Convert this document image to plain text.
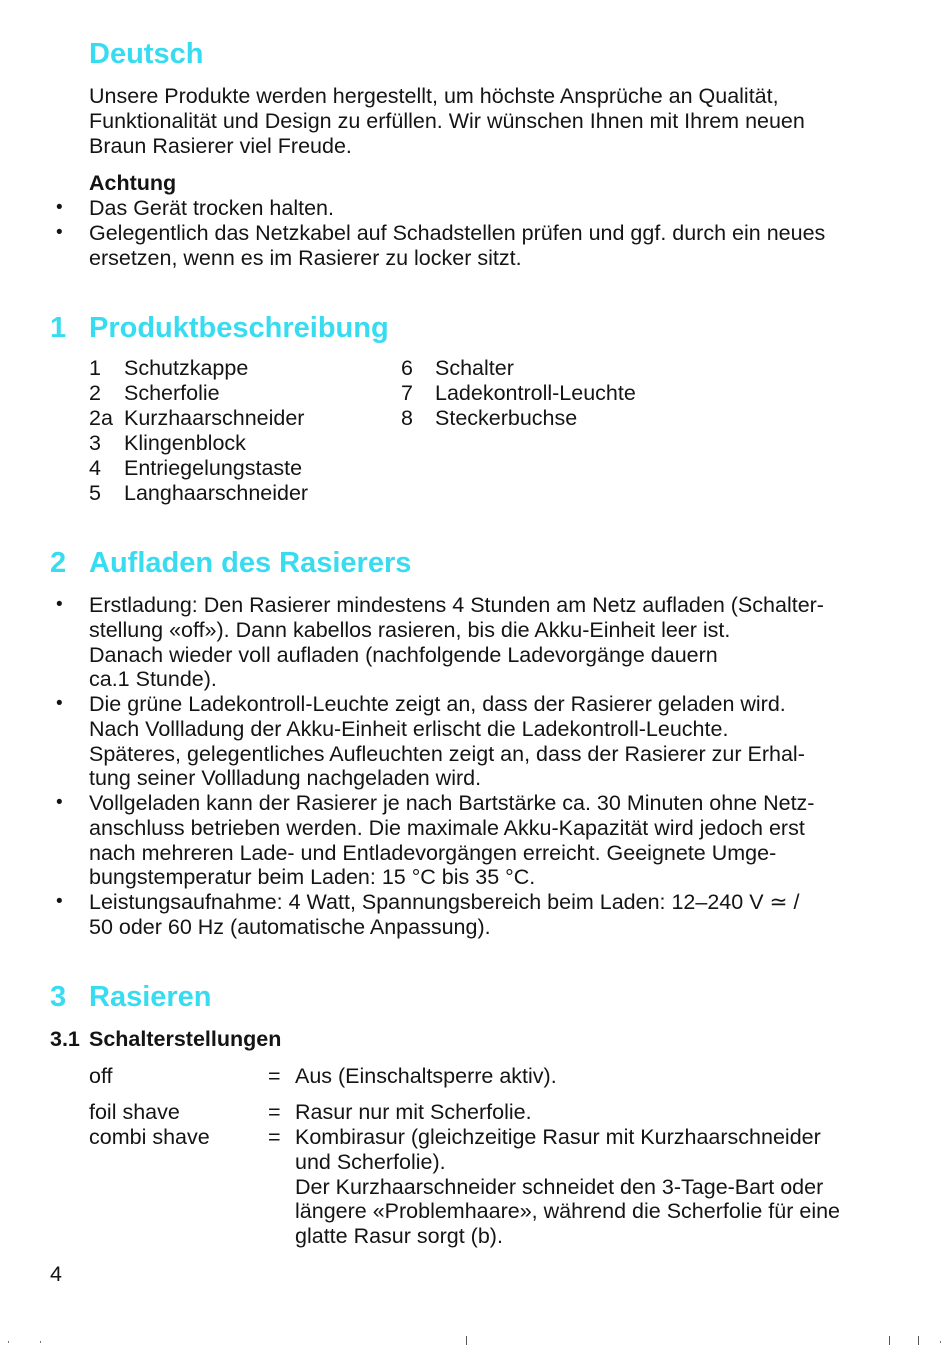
Deutsch
Unsere Produkte werden hergestellt, um höchste Ansprüche an Qualität,
Funktionalität und Design zu erfüllen. Wir wünschen Ihnen mit Ihrem neuen
Braun Rasierer viel Freude.
Achtung
• Das Gerät trocken halten.
• Gelegentlich das Netzkabel auf Schadstellen prüfen und ggf. durch ein neues
ersetzen, wenn es im Rasierer zu locker sitzt.
1 Produktbeschreibung
1 Schutzkappe
2 Scherfolie
2a Kurzhaarschneider
3 Klingenblock
4 Entriegelungstaste
5 Langhaarschneider
6 Schalter
7 Ladekontroll-Leuchte
8 Steckerbuchse
2 Aufladen des Rasierers
• Erstladung: Den Rasierer mindestens 4 Stunden am Netz aufladen (Schalter-
stellung «off»). Dann kabellos rasieren, bis die Akku-Einheit leer ist.
Danach wieder voll aufladen (nachfolgende Ladevorgänge dauern
ca.1 Stunde).
• Die grüne Ladekontroll-Leuchte zeigt an, dass der Rasierer geladen wird.
Nach Vollladung der Akku-Einheit erlischt die Ladekontroll-Leuchte.
Späteres, gelegentliches Aufleuchten zeigt an, dass der Rasierer zur Erhal-
tung seiner Vollladung nachgeladen wird.
• Vollgeladen kann der Rasierer je nach Bartstärke ca. 30 Minuten ohne Netz-
anschluss betrieben werden. Die maximale Akku-Kapazität wird jedoch erst
nach mehreren Lade- und Entladevorgängen erreicht. Geeignete Umge-
bungstemperatur beim Laden: 15 °C bis 35 °C.
• Leistungsaufnahme: 4 Watt, Spannungsbereich beim Laden: 12–240 V ≃ /
50 oder 60 Hz (automatische Anpassung).
3 Rasieren
3.1 Schalterstellungen
off	= Aus (Einschaltsperre aktiv).
foil shave	= Rasur nur mit Scherfolie.
combi shave	= Kombirasur (gleichzeitige Rasur mit Kurzhaarschneider
und Scherfolie).
Der Kurzhaarschneider schneidet den 3-Tage-Bart oder
längere «Problemhaare», während die Scherfolie für eine
glatte Rasur sorgt (b).
4
